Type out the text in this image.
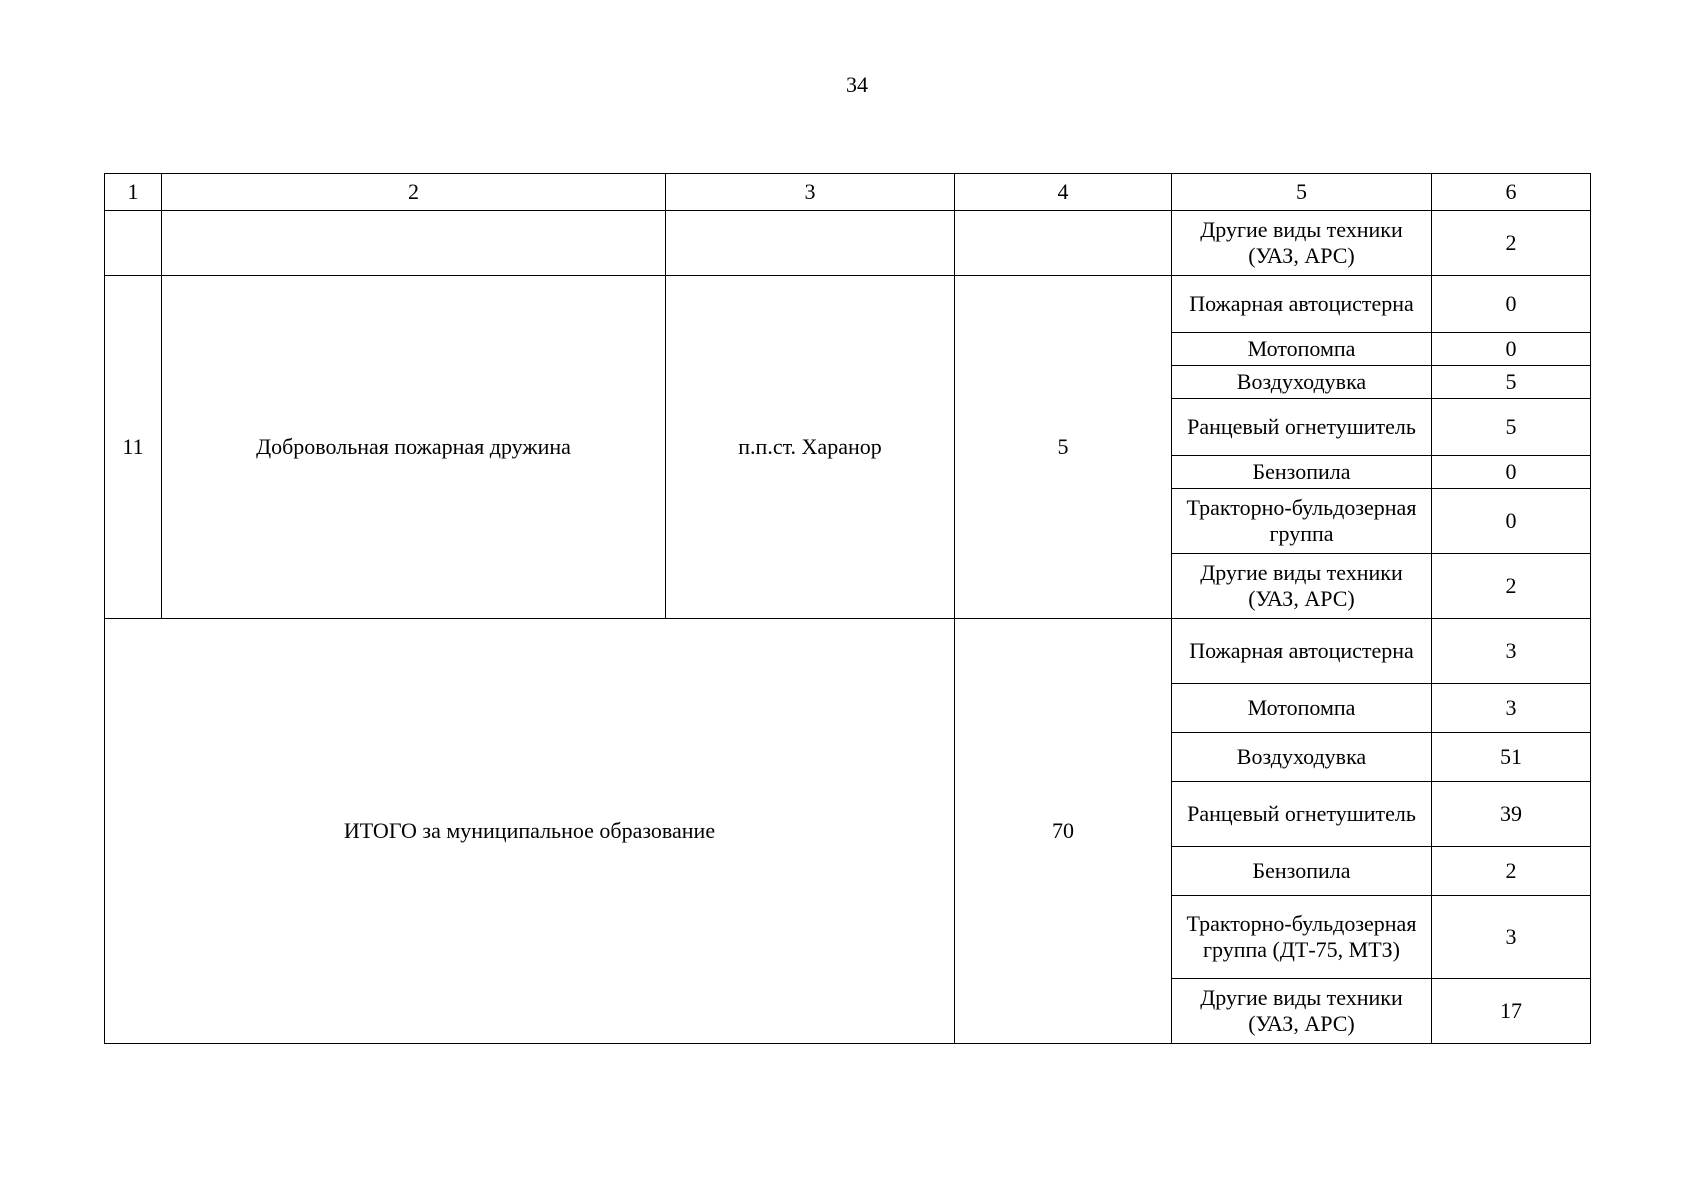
34
1	2	3	4	5	6
				Другие виды техники (УАЗ, АРС)	2
11	Добровольная пожарная дружина	п.п.ст. Харанор	5	Пожарная автоцистерна	0
				Мотопомпа	0
				Воздуходувка	5
				Ранцевый огнетушитель	5
				Бензопила	0
				Тракторно-бульдозерная группа	0
				Другие виды техники (УАЗ, АРС)	2
ИТОГО за муниципальное образование			70	Пожарная автоцистерна	3
				Мотопомпа	3
				Воздуходувка	51
				Ранцевый огнетушитель	39
				Бензопила	2
				Тракторно-бульдозерная группа (ДТ-75, МТЗ)	3
				Другие виды техники (УАЗ, АРС)	17
